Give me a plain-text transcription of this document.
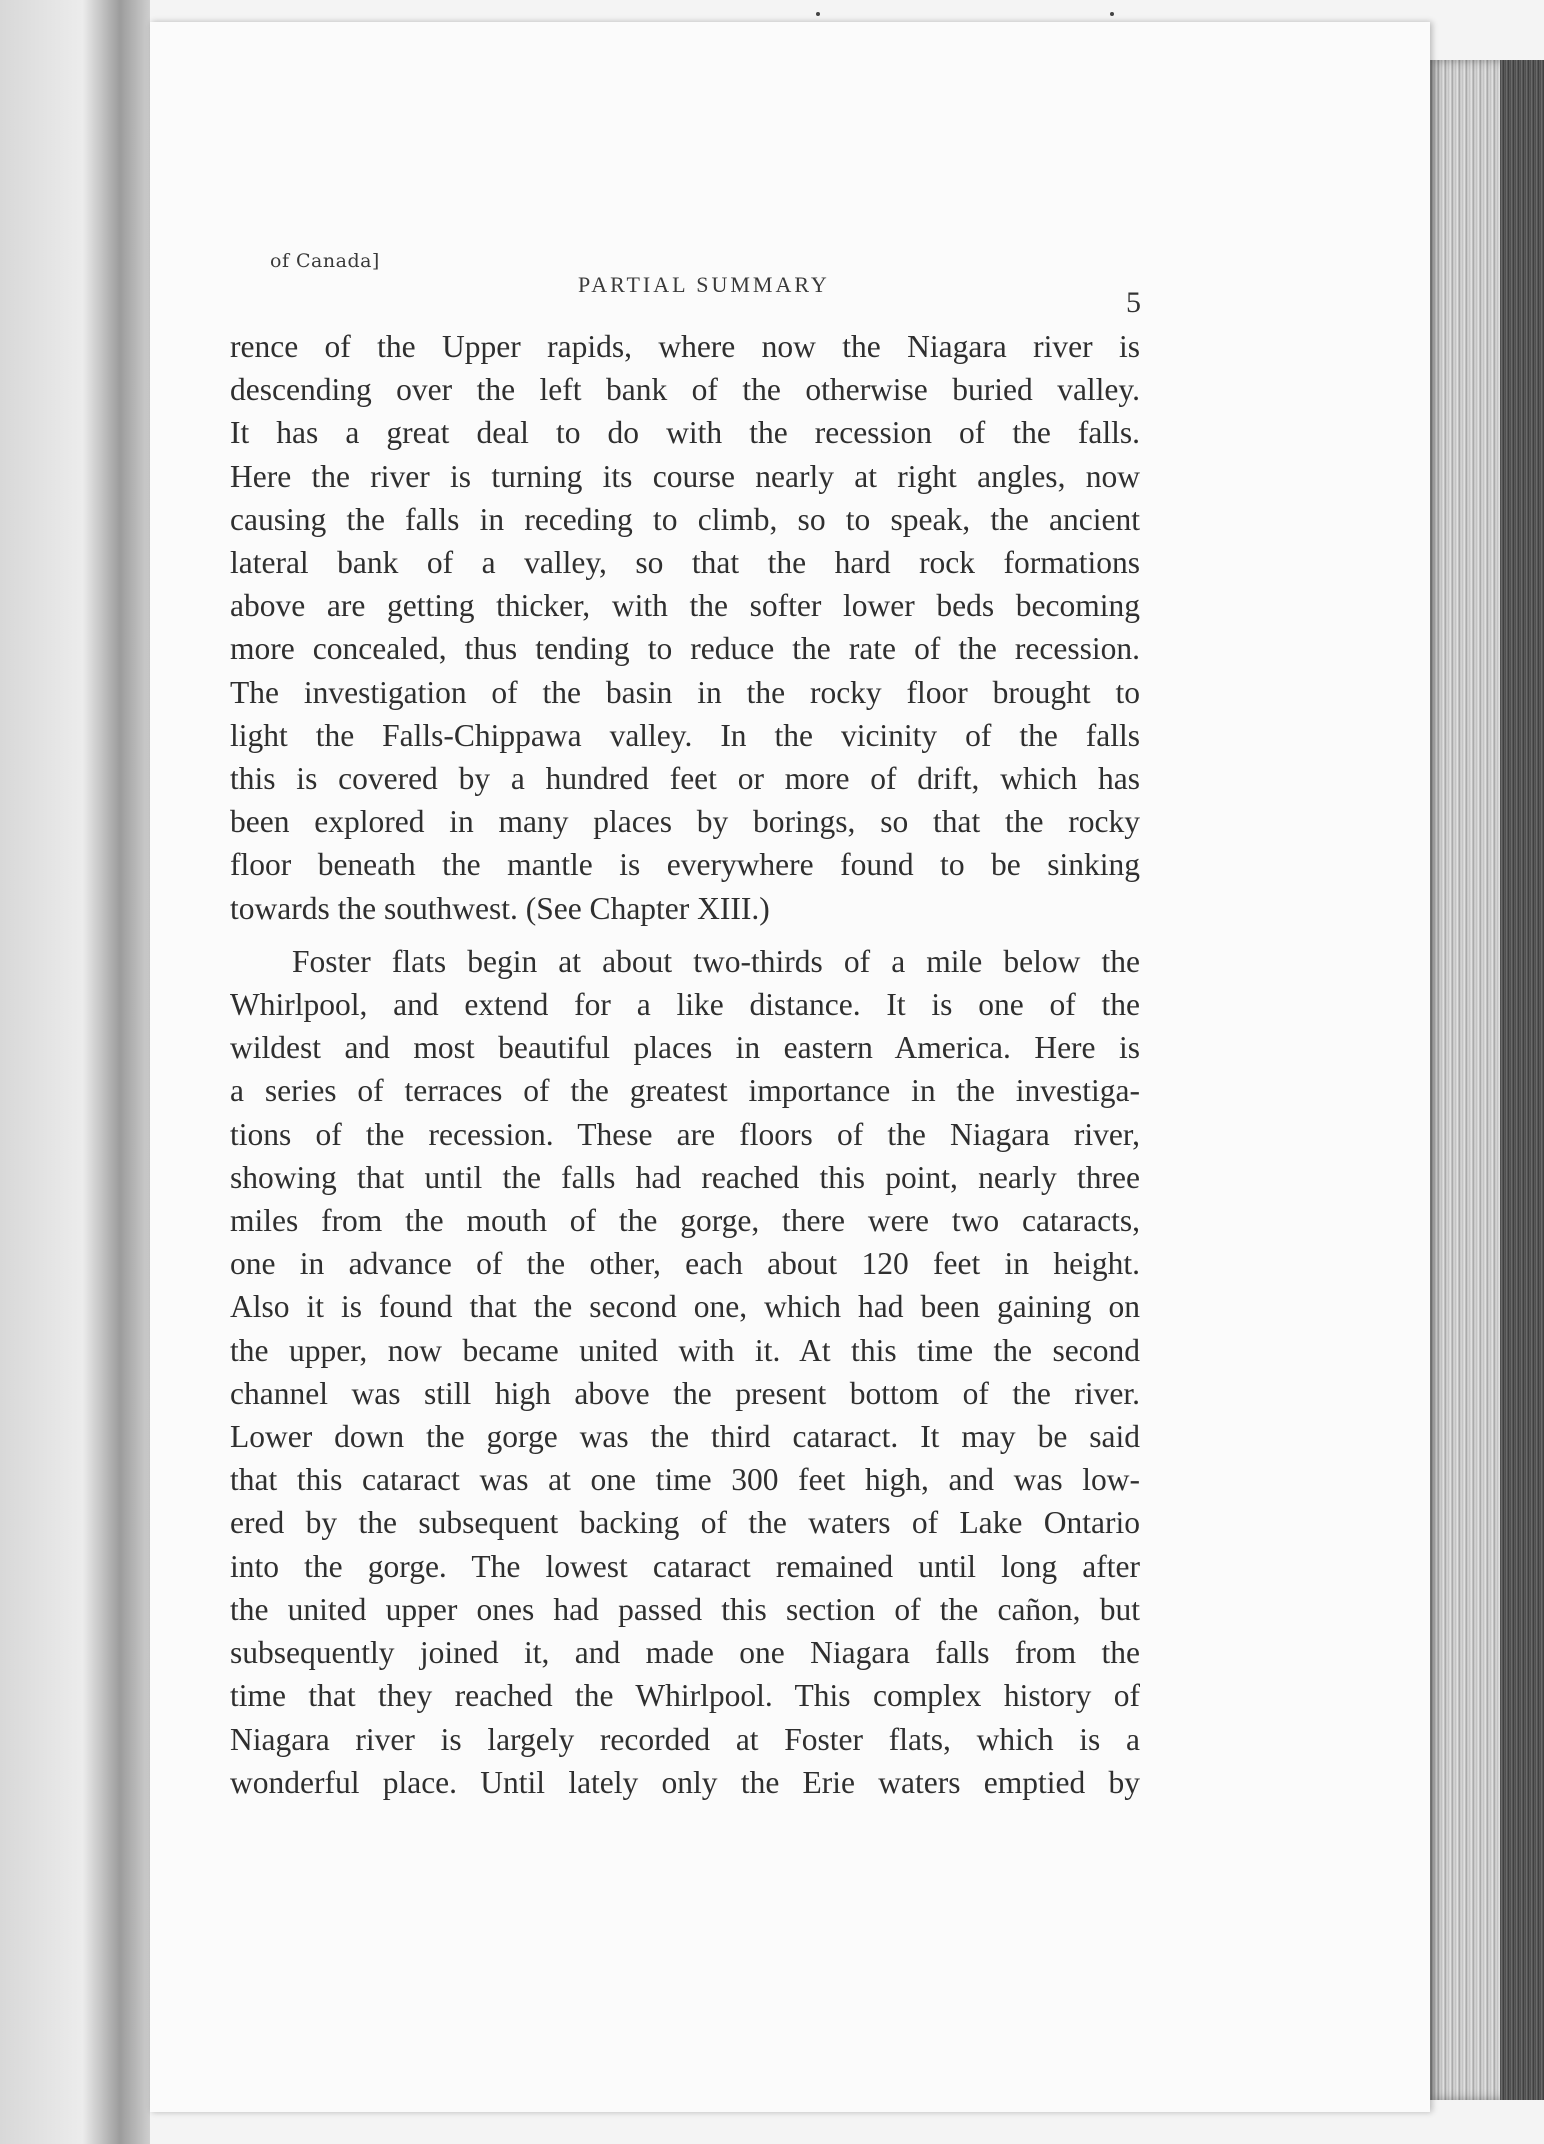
of Canada]
PARTIAL SUMMARY
5
rence of the Upper rapids, where now the Niagara river is
descending over the left bank of the otherwise buried valley.
It has a great deal to do with the recession of the falls.
Here the river is turning its course nearly at right angles, now
causing the falls in receding to climb, so to speak, the ancient
lateral bank of a valley, so that the hard rock formations
above are getting thicker, with the softer lower beds becoming
more concealed, thus tending to reduce the rate of the recession.
The investigation of the basin in the rocky floor brought to
light the Falls-Chippawa valley. In the vicinity of the falls
this is covered by a hundred feet or more of drift, which has
been explored in many places by borings, so that the rocky
floor beneath the mantle is everywhere found to be sinking
towards the southwest. (See Chapter XIII.)
Foster flats begin at about two-thirds of a mile below the
Whirlpool, and extend for a like distance. It is one of the
wildest and most beautiful places in eastern America. Here is
a series of terraces of the greatest importance in the investiga-
tions of the recession. These are floors of the Niagara river,
showing that until the falls had reached this point, nearly three
miles from the mouth of the gorge, there were two cataracts,
one in advance of the other, each about 120 feet in height.
Also it is found that the second one, which had been gaining on
the upper, now became united with it. At this time the second
channel was still high above the present bottom of the river.
Lower down the gorge was the third cataract. It may be said
that this cataract was at one time 300 feet high, and was low-
ered by the subsequent backing of the waters of Lake Ontario
into the gorge. The lowest cataract remained until long after
the united upper ones had passed this section of the cañon, but
subsequently joined it, and made one Niagara falls from the
time that they reached the Whirlpool. This complex history of
Niagara river is largely recorded at Foster flats, which is a
wonderful place. Until lately only the Erie waters emptied by
